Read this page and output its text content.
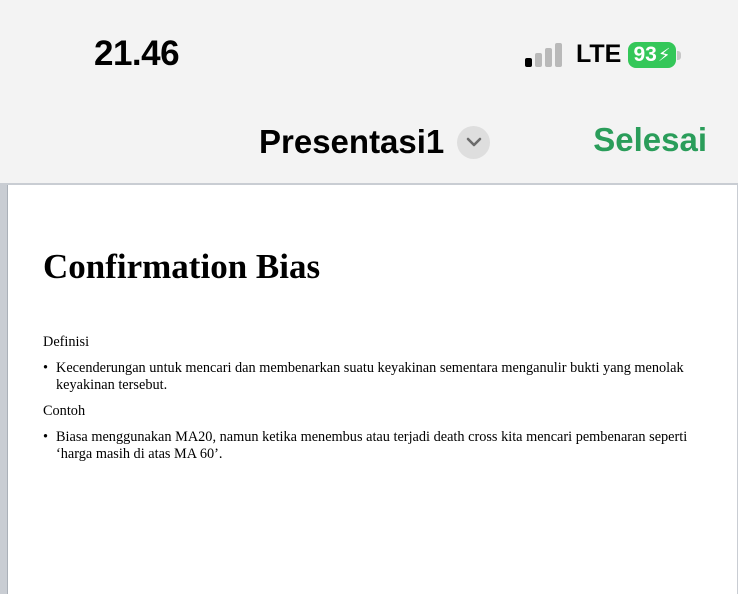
21.46	LTE 93 ⚡︎
Presentasi1	Selesai
Confirmation Bias

Definisi

• Kecenderungan untuk mencari dan membenarkan suatu keyakinan sementara menganulir bukti yang menolak keyakinan tersebut.

Contoh

• Biasa menggunakan MA20, namun ketika menembus atau terjadi death cross kita mencari pembenaran seperti ‘harga masih di atas MA 60’.
